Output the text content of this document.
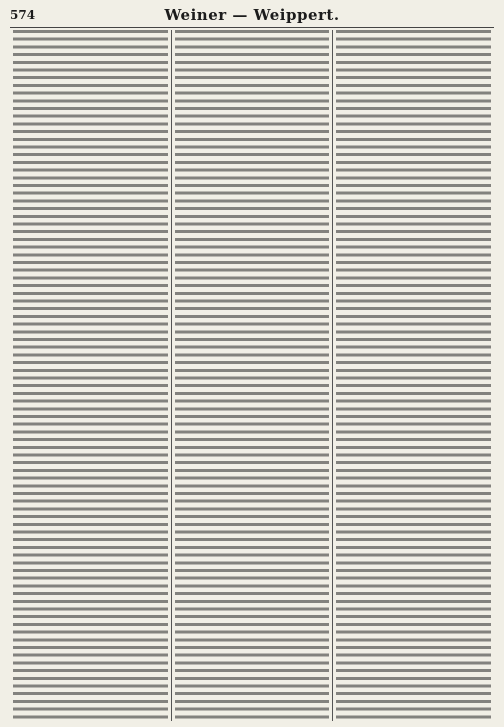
574	Weiner — Weippert.
